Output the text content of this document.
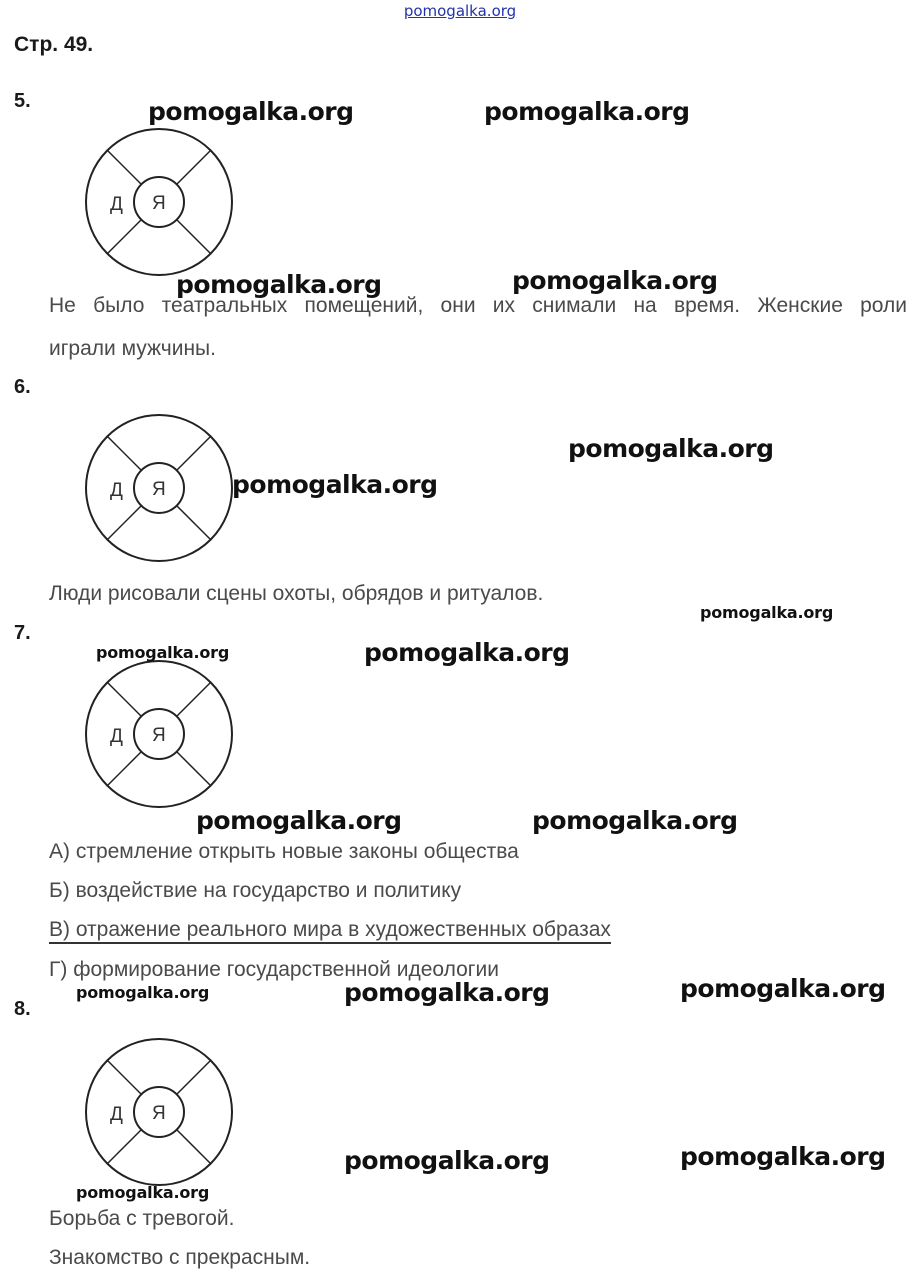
pomogalka.org
Стр. 49.
5.
Д Я
Не было театральных помещений, они их снимали на время. Женские роли
играли мужчины.
6.
Д Я
Люди рисовали сцены охоты, обрядов и ритуалов.
7.
Д Я
А) стремление открыть новые законы общества
Б) воздействие на государство и политику
В) отражение реального мира в художественных образах
Г) формирование государственной идеологии
8.
Д Я
Борьба с тревогой.
Знакомство с прекрасным.
pomogalka.org	pomogalka.org
pomogalka.org	pomogalka.org
pomogalka.org
pomogalka.org
pomogalka.org
pomogalka.org	pomogalka.org
pomogalka.org	pomogalka.org
pomogalka.org	pomogalka.org	pomogalka.org
pomogalka.org	pomogalka.org
pomogalka.org
